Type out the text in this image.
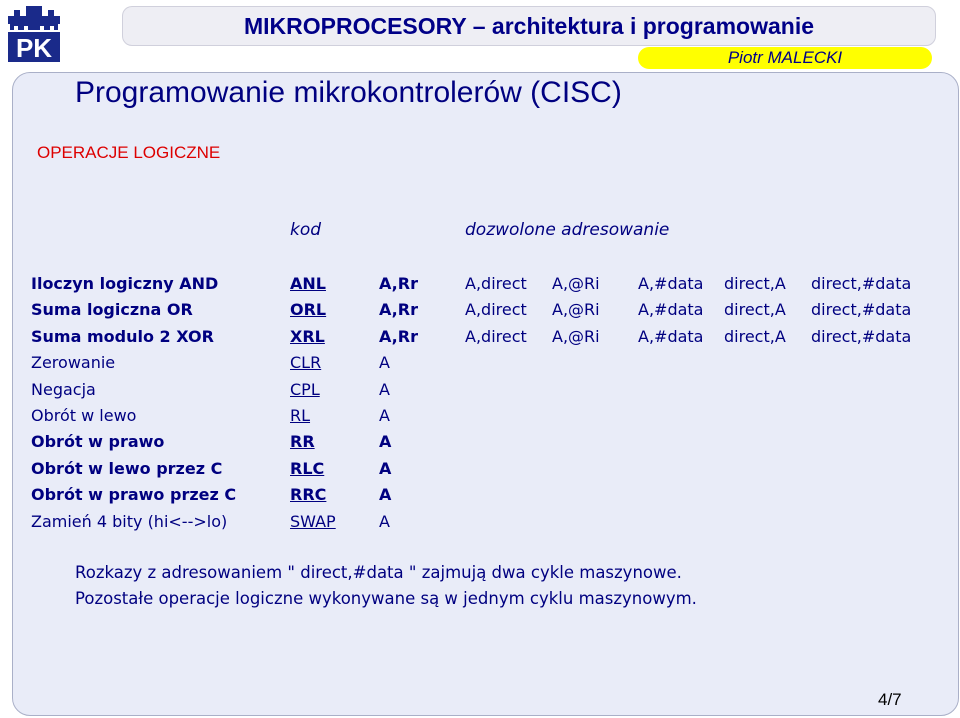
PK
MIKROPROCESORY – architektura i programowanie
Piotr MALECKI
Programowanie mikrokontrolerów (CISC)
OPERACJE LOGICZNE
kod	dozwolone adresowanie
Iloczyn logiczny AND	ANL	A,Rr	A,direct A,@Ri A,#data direct,A direct,#data
Suma logiczna OR	ORL	A,Rr	A,direct A,@Ri A,#data direct,A direct,#data
Suma modulo 2 XOR	XRL	A,Rr	A,direct A,@Ri A,#data direct,A direct,#data
Zerowanie	CLR	A
Negacja	CPL	A
Obrót w lewo	RL	A
Obrót w prawo	RR	A
Obrót w lewo przez C	RLC	A
Obrót w prawo przez C	RRC	A
Zamień 4 bity (hi<-->lo)	SWAP	A
Rozkazy z adresowaniem " direct,#data " zajmują dwa cykle maszynowe.
Pozostałe operacje logiczne wykonywane są w jednym cyklu maszynowym.
4/7
